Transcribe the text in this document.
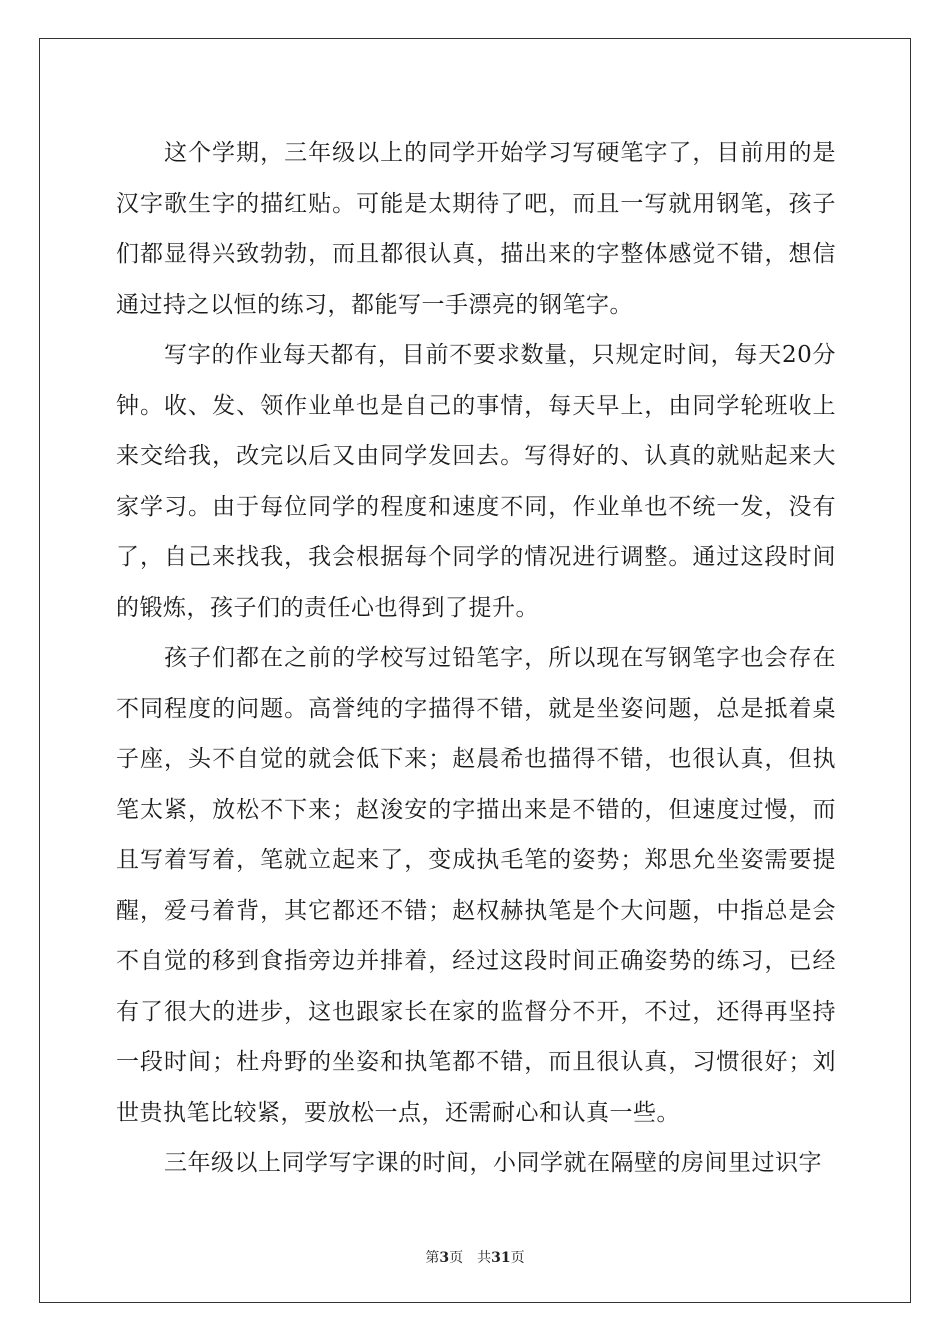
这个学期，三年级以上的同学开始学习写硬笔字了，目前用的是汉字歌生字的描红贴。可能是太期待了吧，而且一写就用钢笔，孩子们都显得兴致勃勃，而且都很认真，描出来的字整体感觉不错，想信通过持之以恒的练习，都能写一手漂亮的钢笔字。

写字的作业每天都有，目前不要求数量，只规定时间，每天20分钟。收、发、领作业单也是自己的事情，每天早上，由同学轮班收上来交给我，改完以后又由同学发回去。写得好的、认真的就贴起来大家学习。由于每位同学的程度和速度不同，作业单也不统一发，没有了，自己来找我，我会根据每个同学的情况进行调整。通过这段时间的锻炼，孩子们的责任心也得到了提升。

孩子们都在之前的学校写过铅笔字，所以现在写钢笔字也会存在不同程度的问题。高誉纯的字描得不错，就是坐姿问题，总是抵着桌子座，头不自觉的就会低下来；赵晨希也描得不错，也很认真，但执笔太紧，放松不下来；赵浚安的字描出来是不错的，但速度过慢，而且写着写着，笔就立起来了，变成执毛笔的姿势；郑思允坐姿需要提醒，爱弓着背，其它都还不错；赵权赫执笔是个大问题，中指总是会不自觉的移到食指旁边并排着，经过这段时间正确姿势的练习，已经有了很大的进步，这也跟家长在家的监督分不开，不过，还得再坚持一段时间；杜舟野的坐姿和执笔都不错，而且很认真，习惯很好；刘世贵执笔比较紧，要放松一点，还需耐心和认真一些。

三年级以上同学写字课的时间，小同学就在隔壁的房间里过识字

第3页 共31页
